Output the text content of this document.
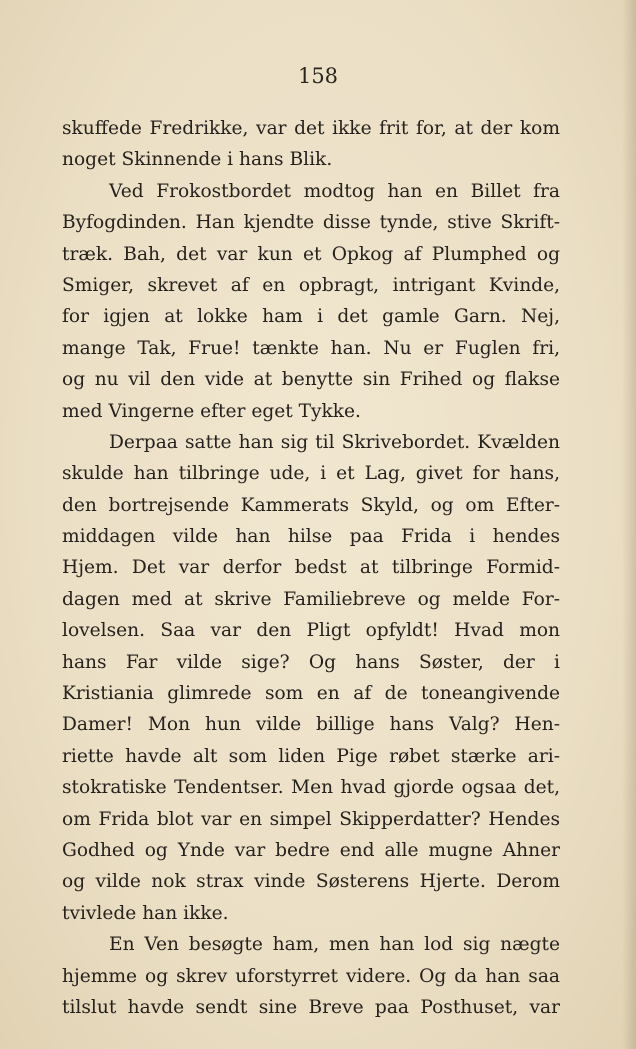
158

skuffede Fredrikke, var det ikke frit for, at der kom
noget Skinnende i hans Blik.
Ved Frokostbordet modtog han en Billet fra
Byfogdinden. Han kjendte disse tynde, stive Skrift-
træk. Bah, det var kun et Opkog af Plumphed og
Smiger, skrevet af en opbragt, intrigant Kvinde,
for igjen at lokke ham i det gamle Garn. Nej,
mange Tak, Frue! tænkte han. Nu er Fuglen fri,
og nu vil den vide at benytte sin Frihed og flakse
med Vingerne efter eget Tykke.
Derpaa satte han sig til Skrivebordet. Kvælden
skulde han tilbringe ude, i et Lag, givet for hans,
den bortrejsende Kammerats Skyld, og om Efter-
middagen vilde han hilse paa Frida i hendes
Hjem. Det var derfor bedst at tilbringe Formid-
dagen med at skrive Familiebreve og melde For-
lovelsen. Saa var den Pligt opfyldt! Hvad mon
hans Far vilde sige? Og hans Søster, der i
Kristiania glimrede som en af de toneangivende
Damer! Mon hun vilde billige hans Valg? Hen-
riette havde alt som liden Pige røbet stærke ari-
stokratiske Tendentser. Men hvad gjorde ogsaa det,
om Frida blot var en simpel Skipperdatter? Hendes
Godhed og Ynde var bedre end alle mugne Ahner
og vilde nok strax vinde Søsterens Hjerte. Derom
tvivlede han ikke.
En Ven besøgte ham, men han lod sig nægte
hjemme og skrev uforstyrret videre. Og da han saa
tilslut havde sendt sine Breve paa Posthuset, var
